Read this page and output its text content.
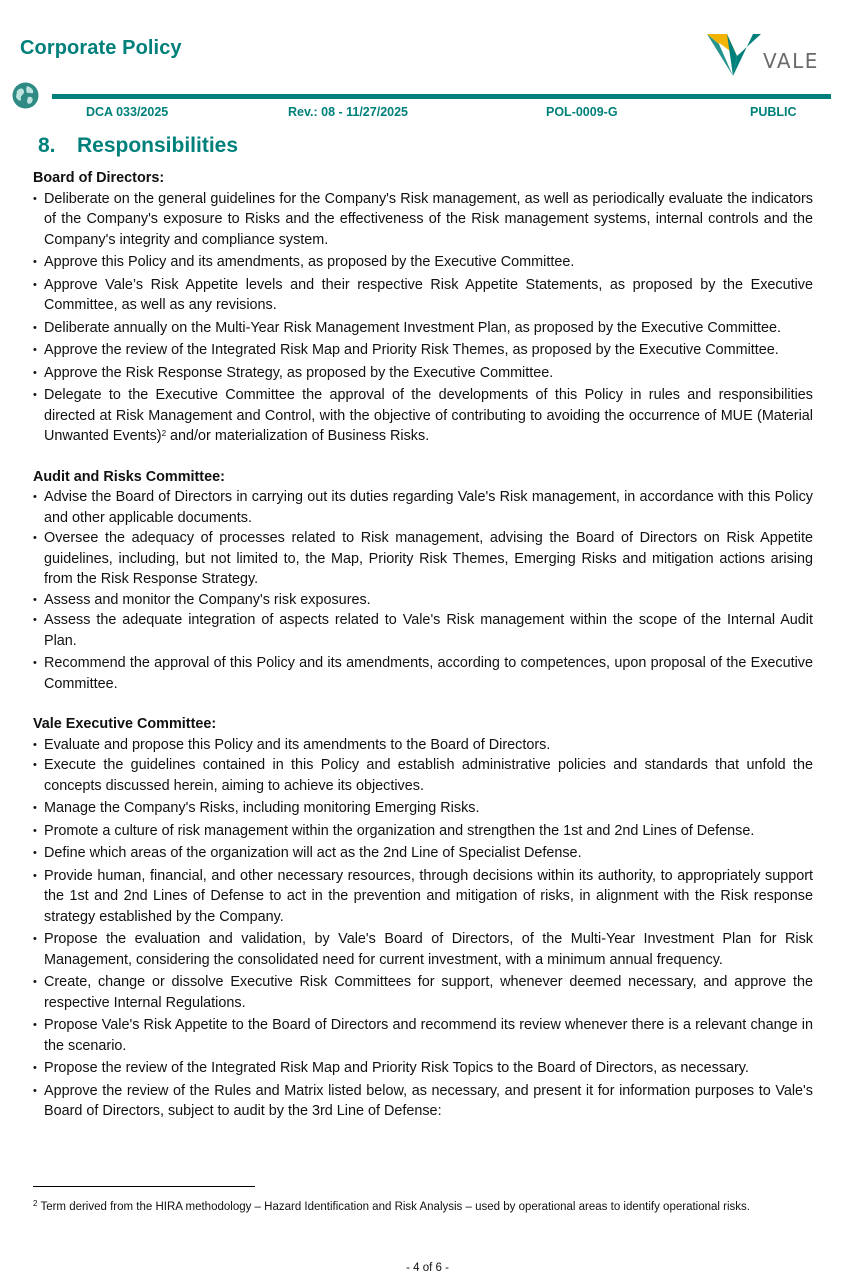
Corporate Policy
VALE
DCA 033/2025	Rev.: 08 - 11/27/2025	POL-0009-G	PUBLIC
8. Responsibilities

Board of Directors:

• Deliberate on the general guidelines for the Company's Risk management, as well as periodically evaluate the indicators of the Company's exposure to Risks and the effectiveness of the Risk management systems, internal controls and the Company's integrity and compliance system.
• Approve this Policy and its amendments, as proposed by the Executive Committee.
• Approve Vale’s Risk Appetite levels and their respective Risk Appetite Statements, as proposed by the Executive Committee, as well as any revisions.
• Deliberate annually on the Multi-Year Risk Management Investment Plan, as proposed by the Executive Committee.
• Approve the review of the Integrated Risk Map and Priority Risk Themes, as proposed by the Executive Committee.
• Approve the Risk Response Strategy, as proposed by the Executive Committee.
• Delegate to the Executive Committee the approval of the developments of this Policy in rules and responsibilities directed at Risk Management and Control, with the objective of contributing to avoiding the occurrence of MUE (Material Unwanted Events)$^2$ and/or materialization of Business Risks.

Audit and Risks Committee:

• Advise the Board of Directors in carrying out its duties regarding Vale's Risk management, in accordance with this Policy and other applicable documents.
• Oversee the adequacy of processes related to Risk management, advising the Board of Directors on Risk Appetite guidelines, including, but not limited to, the Map, Priority Risk Themes, Emerging Risks and mitigation actions arising from the Risk Response Strategy.
• Assess and monitor the Company's risk exposures.
• Assess the adequate integration of aspects related to Vale's Risk management within the scope of the Internal Audit Plan.
• Recommend the approval of this Policy and its amendments, according to competences, upon proposal of the Executive Committee.

Vale Executive Committee:

• Evaluate and propose this Policy and its amendments to the Board of Directors.
• Execute the guidelines contained in this Policy and establish administrative policies and standards that unfold the concepts discussed herein, aiming to achieve its objectives.
• Manage the Company's Risks, including monitoring Emerging Risks.
• Promote a culture of risk management within the organization and strengthen the 1st and 2nd Lines of Defense.
• Define which areas of the organization will act as the 2nd Line of Specialist Defense.
• Provide human, financial, and other necessary resources, through decisions within its authority, to appropriately support the 1st and 2nd Lines of Defense to act in the prevention and mitigation of risks, in alignment with the Risk response strategy established by the Company.
• Propose the evaluation and validation, by Vale's Board of Directors, of the Multi-Year Investment Plan for Risk Management, considering the consolidated need for current investment, with a minimum annual frequency.
• Create, change or dissolve Executive Risk Committees for support, whenever deemed necessary, and approve the respective Internal Regulations.
• Propose Vale's Risk Appetite to the Board of Directors and recommend its review whenever there is a relevant change in the scenario.
• Propose the review of the Integrated Risk Map and Priority Risk Topics to the Board of Directors, as necessary.
• Approve the review of the Rules and Matrix listed below, as necessary, and present it for information purposes to Vale's Board of Directors, subject to audit by the 3rd Line of Defense:
$^2$ Term derived from the HIRA methodology – Hazard Identification and Risk Analysis – used by operational areas to identify operational risks.
- 4 of 6 -
